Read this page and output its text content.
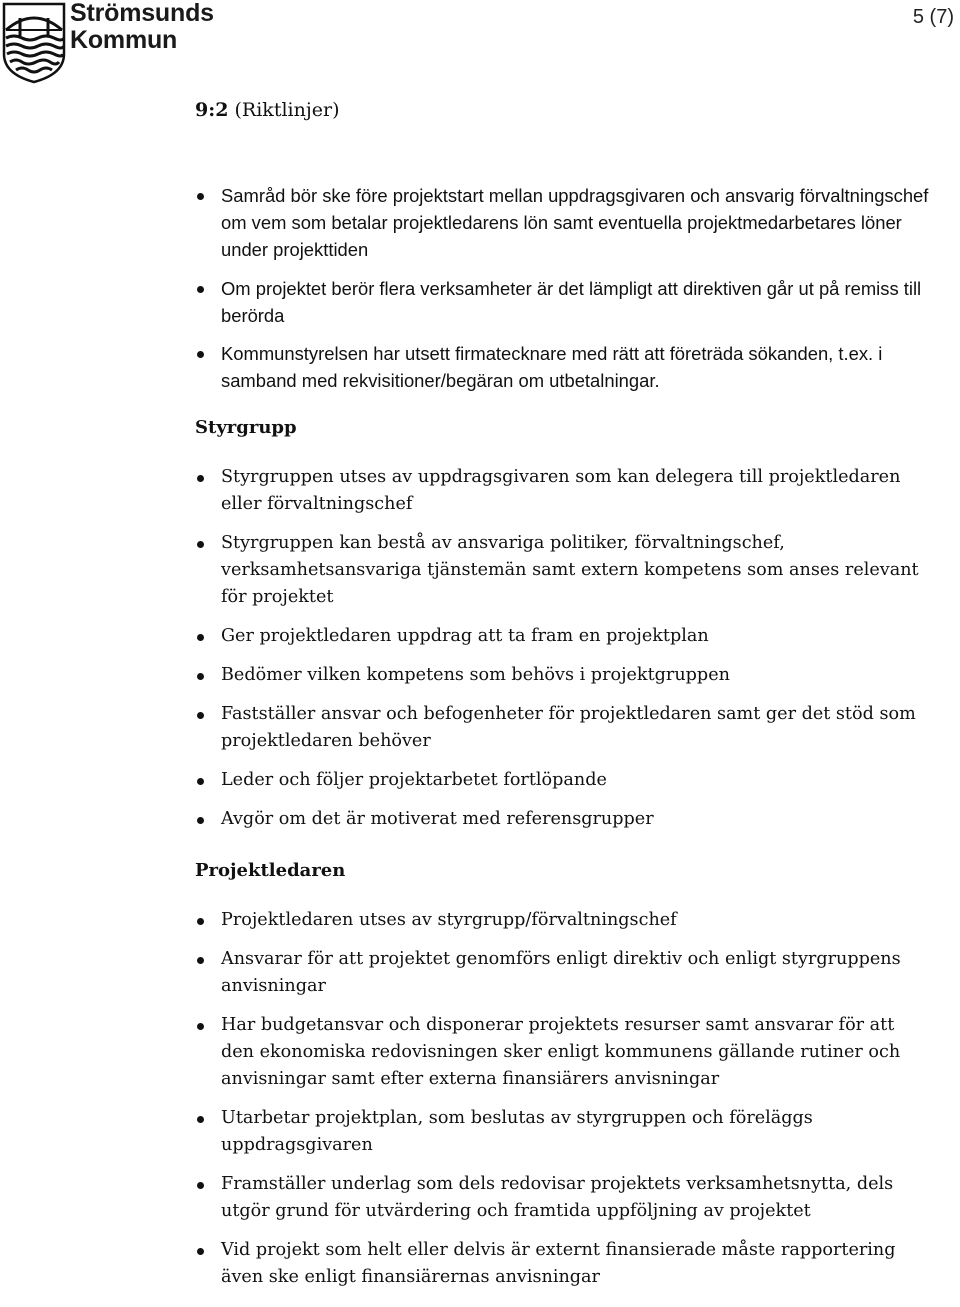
Strömsunds
Kommun
5 (7)

9:2 (Riktlinjer)

Samråd bör ske före projektstart mellan uppdragsgivaren och ansvarig förvaltningschef om vem som betalar projektledarens lön samt eventuella projektmedarbetares löner under projekttiden
Om projektet berör flera verksamheter är det lämpligt att direktiven går ut på remiss till berörda
Kommunstyrelsen har utsett firmatecknare med rätt att företräda sökanden, t.ex. i samband med rekvisitioner/begäran om utbetalningar.

Styrgrupp

Styrgruppen utses av uppdragsgivaren som kan delegera till projektledaren eller förvaltningschef
Styrgruppen kan bestå av ansvariga politiker, förvaltningschef, verksamhetsansvariga tjänstemän samt extern kompetens som anses relevant för projektet
Ger projektledaren uppdrag att ta fram en projektplan
Bedömer vilken kompetens som behövs i projektgruppen
Fastställer ansvar och befogenheter för projektledaren samt ger det stöd som projektledaren behöver
Leder och följer projektarbetet fortlöpande
Avgör om det är motiverat med referensgrupper

Projektledaren

Projektledaren utses av styrgrupp/förvaltningschef
Ansvarar för att projektet genomförs enligt direktiv och enligt styrgruppens anvisningar
Har budgetansvar och disponerar projektets resurser samt ansvarar för att den ekonomiska redovisningen sker enligt kommunens gällande rutiner och anvisningar samt efter externa finansiärers anvisningar
Utarbetar projektplan, som beslutas av styrgruppen och föreläggs uppdragsgivaren
Framställer underlag som dels redovisar projektets verksamhetsnytta, dels utgör grund för utvärdering och framtida uppföljning av projektet
Vid projekt som helt eller delvis är externt finansierade måste rapportering även ske enligt finansiärernas anvisningar
